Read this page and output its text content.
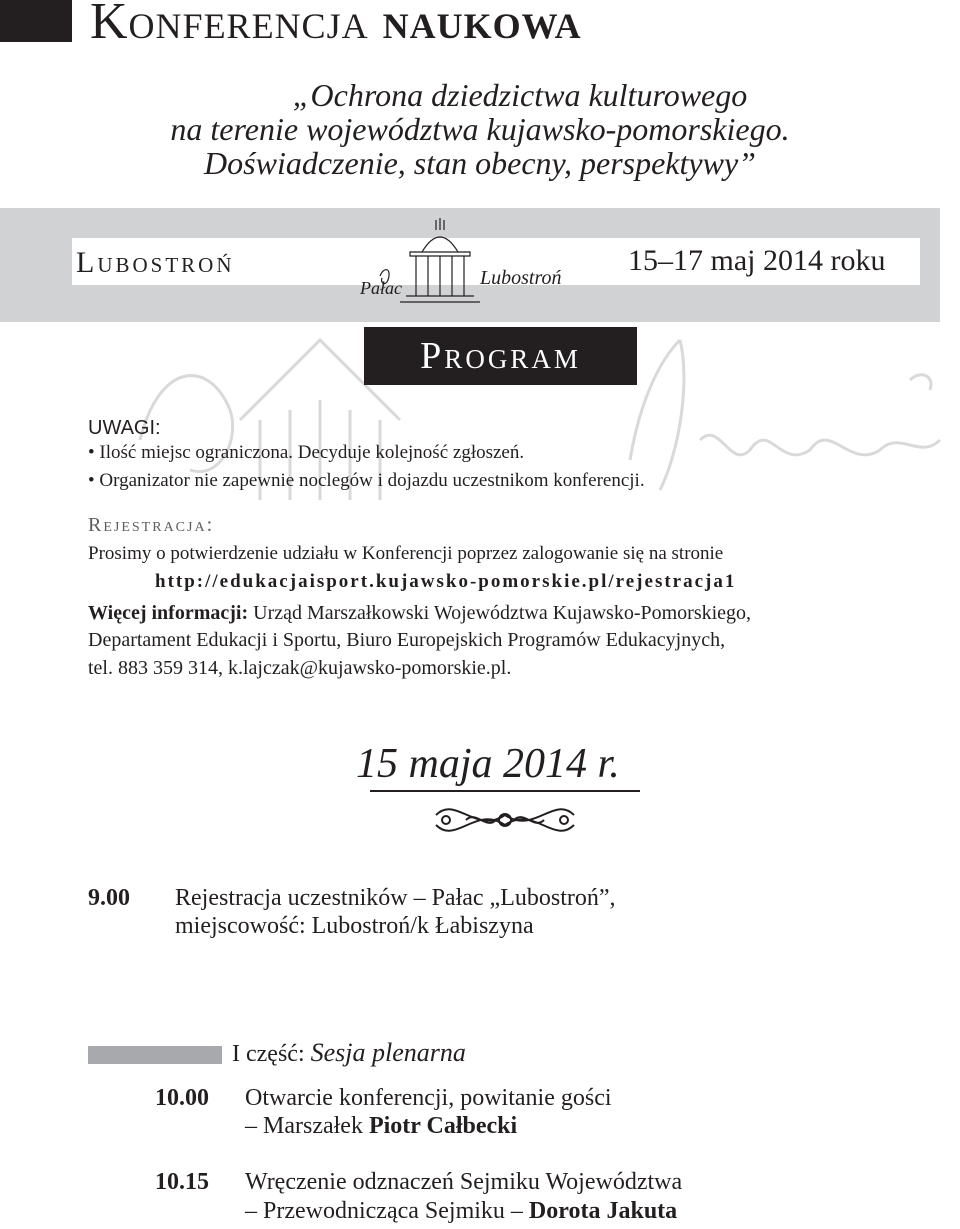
Konferencja naukowa
„Ochrona dziedzictwa kulturowego
na terenie województwa kujawsko-pomorskiego.
Doświadczenie, stan obecny, perspektywy”
Lubostroń	15–17 maj 2014 roku
Pałac	Lubostroń
Program
UWAGI:
• Ilość miejsc ograniczona. Decyduje kolejność zgłoszeń.
• Organizator nie zapewnie noclegów i dojazdu uczestnikom konferencji.
Rejestracja:
Prosimy o potwierdzenie udziału w Konferencji poprzez zalogowanie się na stronie
http://edukacjaisport.kujawsko-pomorskie.pl/rejestracja1
Więcej informacji: Urząd Marszałkowski Województwa Kujawsko-Pomorskiego,
Departament Edukacji i Sportu, Biuro Europejskich Programów Edukacyjnych,
tel. 883 359 314, k.lajczak@kujawsko-pomorskie.pl.
15 maja 2014 r.
9.00 Rejestracja uczestników – Pałac „Lubostroń”,
miejscowość: Lubostroń/k Łabiszyna
I część: Sesja plenarna
10.00 Otwarcie konferencji, powitanie gości
– Marszałek Piotr Całbecki
10.15 Wręczenie odznaczeń Sejmiku Województwa
– Przewodnicząca Sejmiku – Dorota Jakuta
